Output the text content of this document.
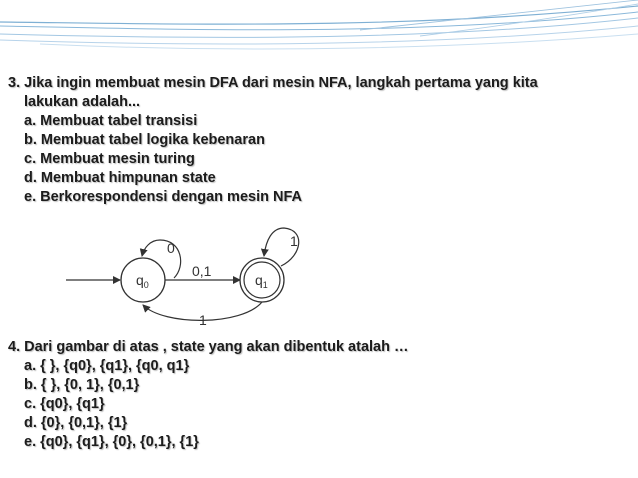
3. Jika ingin membuat mesin DFA dari mesin NFA, langkah pertama yang kita
lakukan adalah...
a. Membuat tabel transisi
b. Membuat tabel logika kebenaran
c. Membuat mesin turing
d. Membuat himpunan state
e. Berkorespondensi dengan mesin NFA
$q_0$
0
0,1
$q_1$
1
1
4. Dari gambar di atas , state yang akan dibentuk atalah …
a. { }, {q0}, {q1}, {q0, q1}
b. { }, {0, 1}, {0,1}
c. {q0}, {q1}
d. {0}, {0,1}, {1}
e. {q0}, {q1}, {0}, {0,1}, {1}
